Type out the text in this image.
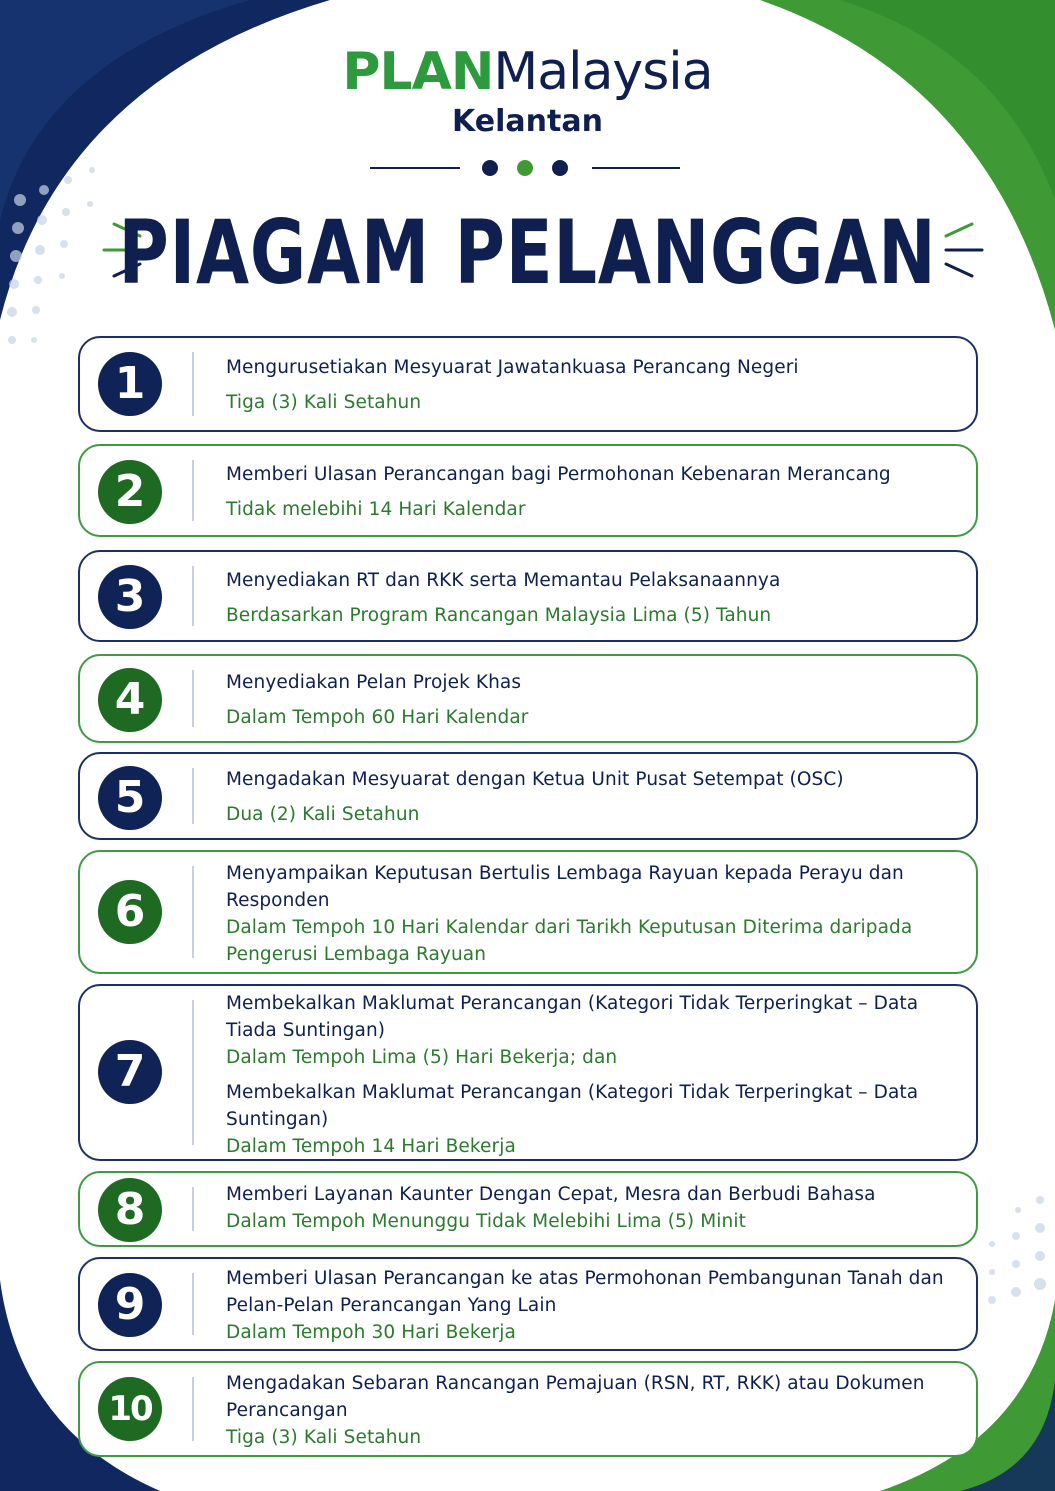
PLANMalaysia
Kelantan
PIAGAM PELANGGAN
1	Mengurusetiakan Mesyuarat Jawatankuasa Perancang Negeri
Tiga (3) Kali Setahun
2	Memberi Ulasan Perancangan bagi Permohonan Kebenaran Merancang
Tidak melebihi 14 Hari Kalendar
3	Menyediakan RT dan RKK serta Memantau Pelaksanaannya
Berdasarkan Program Rancangan Malaysia Lima (5) Tahun
4	Menyediakan Pelan Projek Khas
Dalam Tempoh 60 Hari Kalendar
5	Mengadakan Mesyuarat dengan Ketua Unit Pusat Setempat (OSC)
Dua (2) Kali Setahun
6
Menyampaikan Keputusan Bertulis Lembaga Rayuan kepada Perayu dan Responden
Dalam Tempoh 10 Hari Kalendar dari Tarikh Keputusan Diterima daripada Pengerusi Lembaga Rayuan
7
Membekalkan Maklumat Perancangan (Kategori Tidak Terperingkat – Data Tiada Suntingan)
Dalam Tempoh Lima (5) Hari Bekerja; dan
Membekalkan Maklumat Perancangan (Kategori Tidak Terperingkat – Data Suntingan)
Dalam Tempoh 14 Hari Bekerja
8	Memberi Layanan Kaunter Dengan Cepat, Mesra dan Berbudi Bahasa
Dalam Tempoh Menunggu Tidak Melebihi Lima (5) Minit
9
Memberi Ulasan Perancangan ke atas Permohonan Pembangunan Tanah dan Pelan-Pelan Perancangan Yang Lain
Dalam Tempoh 30 Hari Bekerja
10
Mengadakan Sebaran Rancangan Pemajuan (RSN, RT, RKK) atau Dokumen Perancangan
Tiga (3) Kali Setahun
